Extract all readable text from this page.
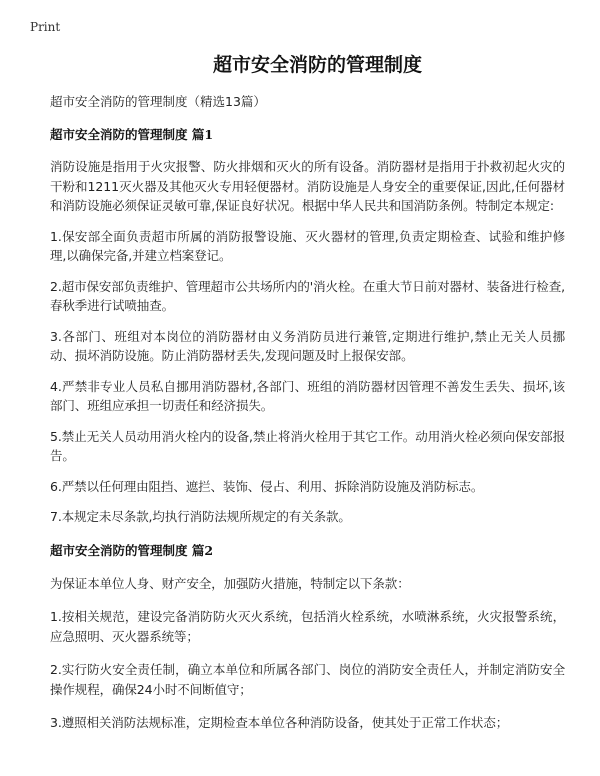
Print
超市安全消防的管理制度
超市安全消防的管理制度（精选13篇）
超市安全消防的管理制度 篇1

消防设施是指用于火灾报警、防火排烟和灭火的所有设备。消防器材是指用于扑救初起火灾的干粉和1211灭火器及其他灭火专用轻便器材。消防设施是人身安全的重要保证,因此,任何器材和消防设施必须保证灵敏可靠,保证良好状况。根据中华人民共和国消防条例。特制定本规定:

1.保安部全面负责超市所属的消防报警设施、灭火器材的管理,负责定期检查、试验和维护修理,以确保完备,并建立档案登记。

2.超市保安部负责维护、管理超市公共场所内的'消火栓。在重大节日前对器材、装备进行检查,春秋季进行试喷抽查。

3.各部门、班组对本岗位的消防器材由义务消防员进行兼管,定期进行维护,禁止无关人员挪动、损坏消防设施。防止消防器材丢失,发现问题及时上报保安部。

4.严禁非专业人员私自挪用消防器材,各部门、班组的消防器材因管理不善发生丢失、损坏,该部门、班组应承担一切责任和经济损失。

5.禁止无关人员动用消火栓内的设备,禁止将消火栓用于其它工作。动用消火栓必须向保安部报告。

6.严禁以任何理由阻挡、遮拦、装饰、侵占、利用、拆除消防设施及消防标志。

7.本规定未尽条款,均执行消防法规所规定的有关条款。

超市安全消防的管理制度 篇2

为保证本单位人身、财产安全，加强防火措施，特制定以下条款：

1.按相关规范，建设完备消防防火灭火系统，包括消火栓系统，水喷淋系统，火灾报警系统，应急照明、灭火器系统等；

2.实行防火安全责任制，确立本单位和所属各部门、岗位的消防安全责任人，并制定消防安全操作规程，确保24小时不间断值守；

3.遵照相关消防法规标准，定期检查本单位各种消防设备，使其处于正常工作状态；
